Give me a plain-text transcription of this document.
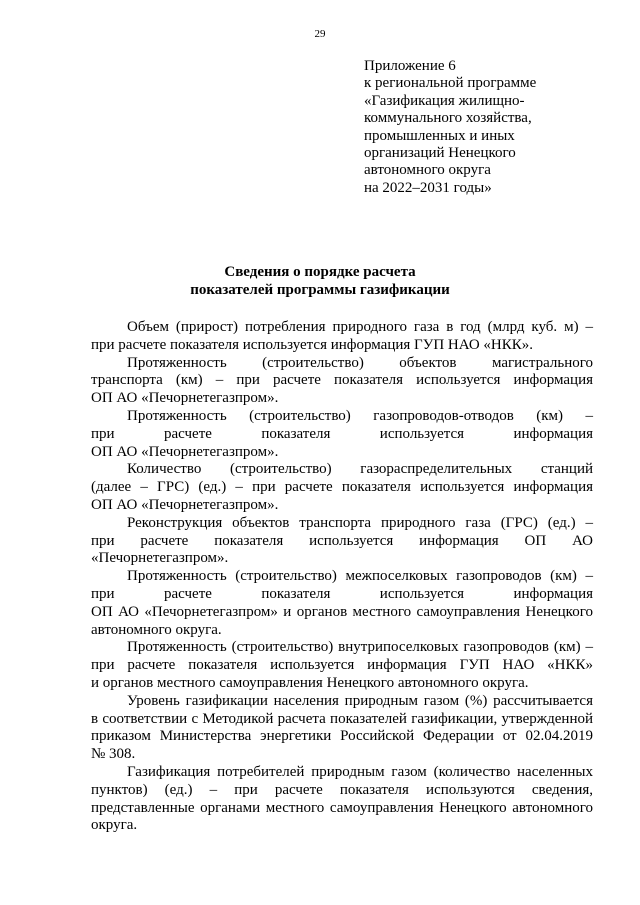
29
Приложение 6
к региональной программе
«Газификация жилищно-
коммунального хозяйства,
промышленных и иных
организаций Ненецкого
автономного округа
на 2022–2031 годы»
Сведения о порядке расчета
показателей программы газификации

Объем (прирост) потребления природного газа в год (млрд куб. м) –
при расчете показателя используется информация ГУП НАО «НКК».

Протяженность (строительство) объектов магистрального
транспорта (км) – при расчете показателя используется информация
ОП АО «Печорнетегазпром».

Протяженность (строительство) газопроводов-отводов (км) –
при расчете показателя используется информация
ОП АО «Печорнетегазпром».

Количество (строительство) газораспределительных станций
(далее – ГРС) (ед.) – при расчете показателя используется информация
ОП АО «Печорнетегазпром».

Реконструкция объектов транспорта природного газа (ГРС) (ед.) –
при расчете показателя используется информация ОП АО
«Печорнетегазпром».

Протяженность (строительство) межпоселковых газопроводов (км) –
при расчете показателя используется информация
ОП АО «Печорнетегазпром» и органов местного самоуправления Ненецкого
автономного округа.

Протяженность (строительство) внутрипоселковых газопроводов (км) –
при расчете показателя используется информация ГУП НАО «НКК»
и органов местного самоуправления Ненецкого автономного округа.

Уровень газификации населения природным газом (%) рассчитывается
в соответствии с Методикой расчета показателей газификации, утвержденной
приказом Министерства энергетики Российской Федерации от 02.04.2019
№ 308.

Газификация потребителей природным газом (количество населенных
пунктов) (ед.) – при расчете показателя используются сведения,
представленные органами местного самоуправления Ненецкого автономного
округа.
